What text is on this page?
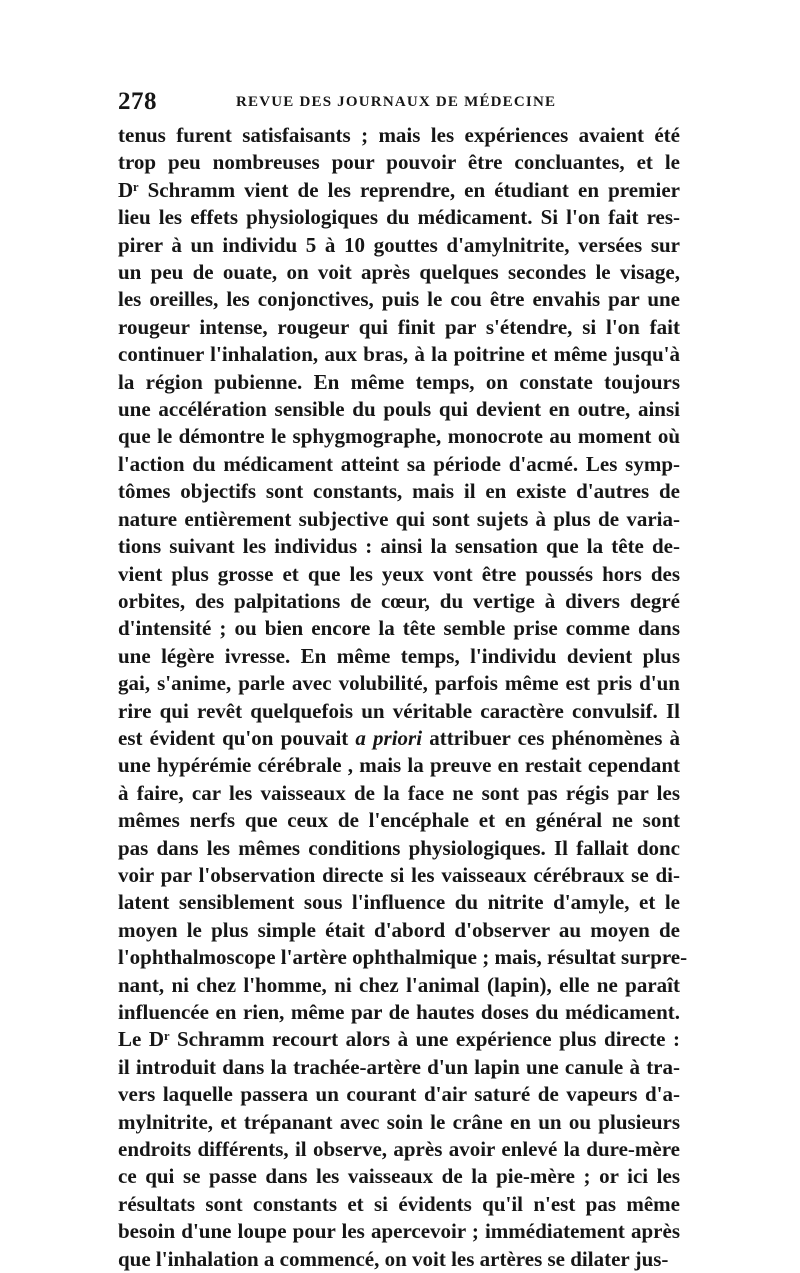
278	REVUE DES JOURNAUX DE MÉDECINE
tenus furent satisfaisants ; mais les expériences avaient été
trop peu nombreuses pour pouvoir être concluantes, et le
Dʳ Schramm vient de les reprendre, en étudiant en premier
lieu les effets physiologiques du médicament. Si l'on fait res-
pirer à un individu 5 à 10 gouttes d'amylnitrite, versées sur
un peu de ouate, on voit après quelques secondes le visage,
les oreilles, les conjonctives, puis le cou être envahis par une
rougeur intense, rougeur qui finit par s'étendre, si l'on fait
continuer l'inhalation, aux bras, à la poitrine et même jusqu'à
la région pubienne. En même temps, on constate toujours
une accélération sensible du pouls qui devient en outre, ainsi
que le démontre le sphygmographe, monocrote au moment où
l'action du médicament atteint sa période d'acmé. Les symp-
tômes objectifs sont constants, mais il en existe d'autres de
nature entièrement subjective qui sont sujets à plus de varia-
tions suivant les individus : ainsi la sensation que la tête de-
vient plus grosse et que les yeux vont être poussés hors des
orbites, des palpitations de cœur, du vertige à divers degré
d'intensité ; ou bien encore la tête semble prise comme dans
une légère ivresse. En même temps, l'individu devient plus
gai, s'anime, parle avec volubilité, parfois même est pris d'un
rire qui revêt quelquefois un véritable caractère convulsif. Il
est évident qu'on pouvait a priori attribuer ces phénomènes à
une hypérémie cérébrale , mais la preuve en restait cependant
à faire, car les vaisseaux de la face ne sont pas régis par les
mêmes nerfs que ceux de l'encéphale et en général ne sont
pas dans les mêmes conditions physiologiques. Il fallait donc
voir par l'observation directe si les vaisseaux cérébraux se di-
latent sensiblement sous l'influence du nitrite d'amyle, et le
moyen le plus simple était d'abord d'observer au moyen de
l'ophthalmoscope l'artère ophthalmique ; mais, résultat surpre-
nant, ni chez l'homme, ni chez l'animal (lapin), elle ne paraît
influencée en rien, même par de hautes doses du médicament.
Le Dʳ Schramm recourt alors à une expérience plus directe :
il introduit dans la trachée-artère d'un lapin une canule à tra-
vers laquelle passera un courant d'air saturé de vapeurs d'a-
mylnitrite, et trépanant avec soin le crâne en un ou plusieurs
endroits différents, il observe, après avoir enlevé la dure-mère
ce qui se passe dans les vaisseaux de la pie-mère ; or ici les
résultats sont constants et si évidents qu'il n'est pas même
besoin d'une loupe pour les apercevoir ; immédiatement après
que l'inhalation a commencé, on voit les artères se dilater jus-
